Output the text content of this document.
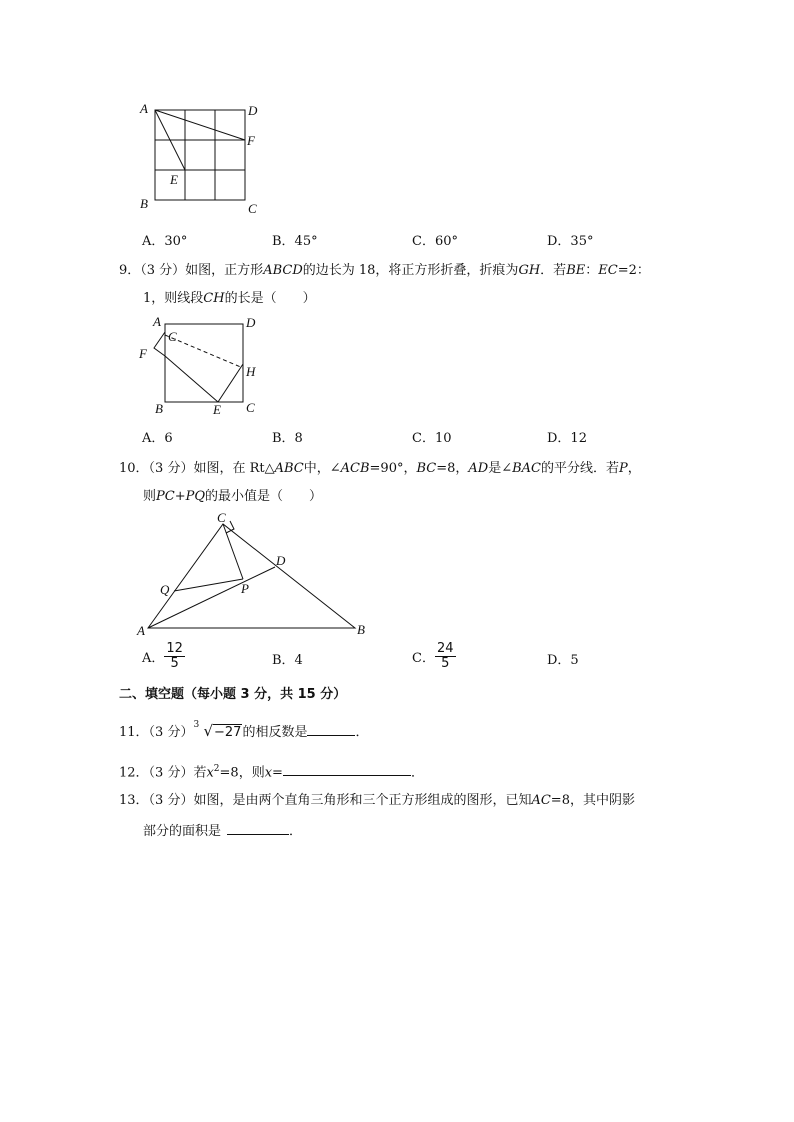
A	D
F
E
B	C
A．30°	B．45°	C．60°	D．35°
9．（3 分）如图，正方形ABCD的边长为 18，将正方形折叠，折痕为GH．若BE：EC=2：
1，则线段CH的长是（　　）
A
C
D
F
H
B	E C
A．6	B．8	C．10	D．12
10．（3 分）如图，在 Rt△ABC中，∠ACB=90°，BC=8，AD是∠BAC的平分线．若P，
则PC+PQ的最小值是（　　）
C
D
Q	P
A	B
A． $\frac{12}{5}$	B．4	C． $\frac{24}{5}$	D．5
二、填空题（每小题 3 分，共 15 分）
11．（3 分） 3 √−27的相反数是	．
12．（3 分）若$x^2=8$，则x=	．
13．（3 分）如图，是由两个直角三角形和三个正方形组成的图形，已知AC=8，其中阴影
部分的面积是	．
